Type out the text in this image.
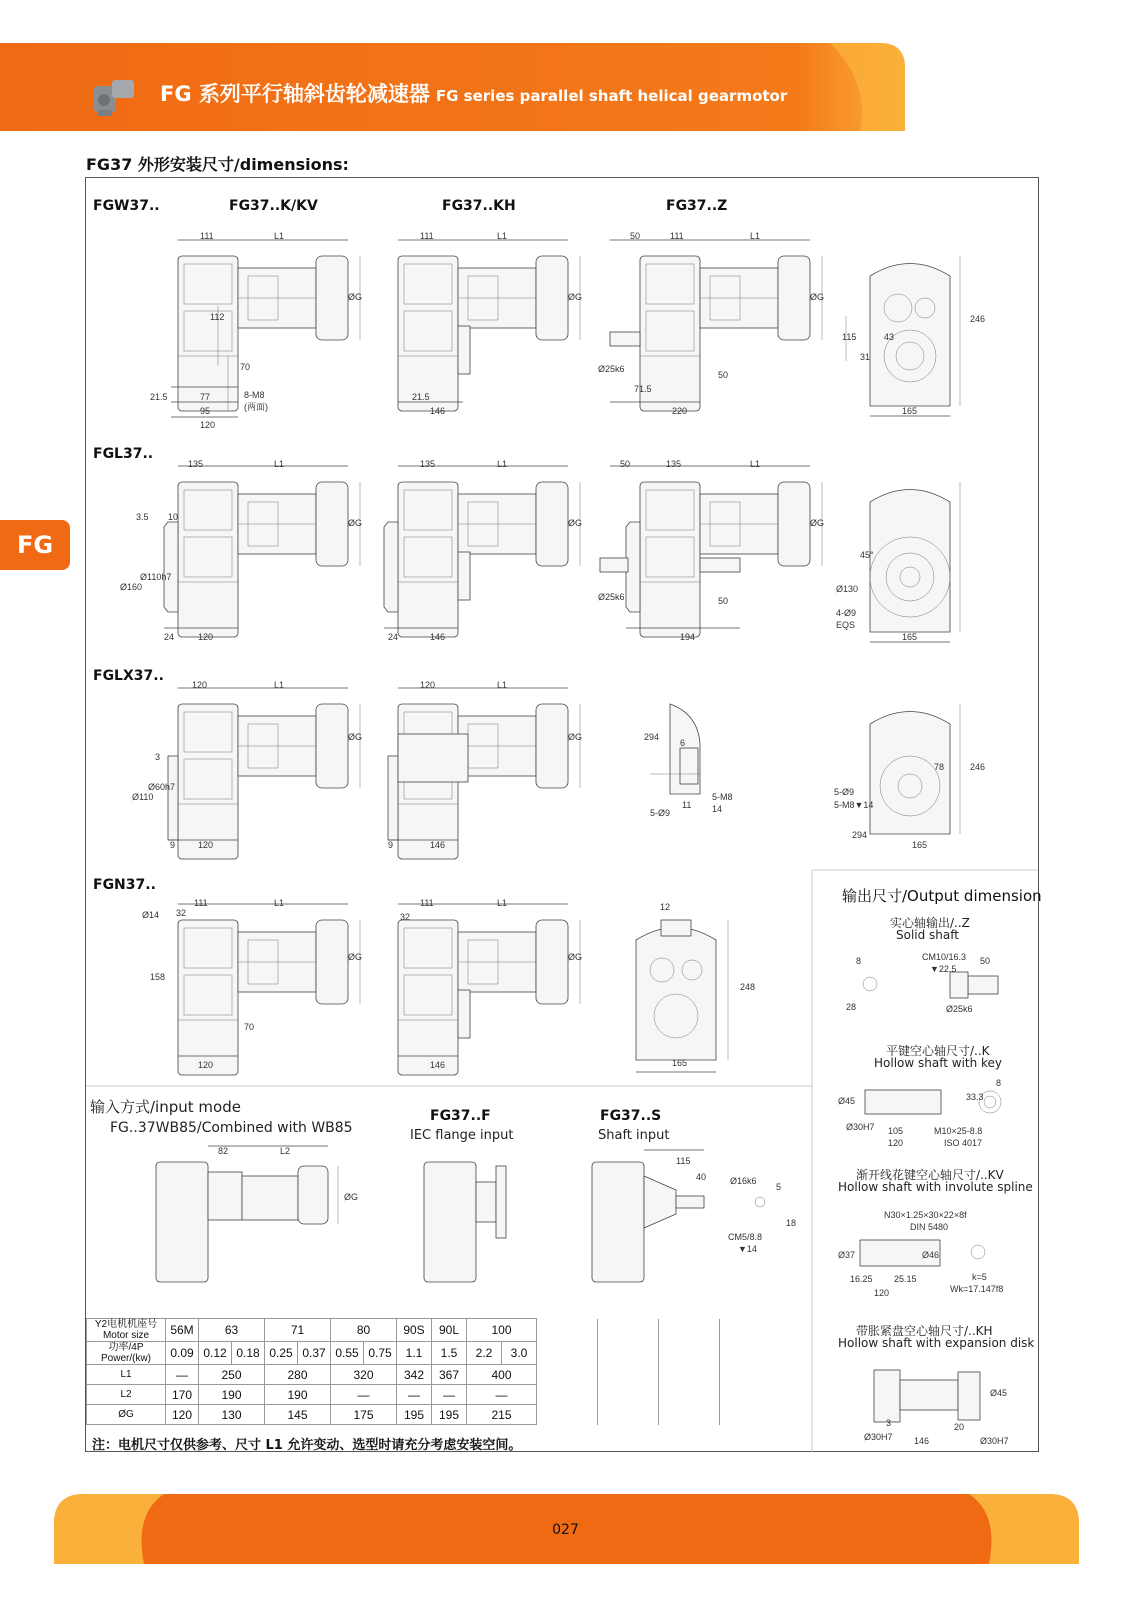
FG 系列平行轴斜齿轮减速器 FG series parallel shaft helical gearmotor
FG
FG37 外形安装尺寸/dimensions:
FGW37..	FG37..K/KV	FG37..KH	FG37..Z
FGL37..
FGLX37..
FGN37..
111	L1
ØG
112
70
21.5	77
95
120
8-M8
(两面)
111	L1
ØG
21.5
146
50	111	L1
ØG
Ø25k6
71.5
50
220
115
31
43
246
165
135	L1
ØG
3.5 10
Ø160
Ø110h7
24	120
135	L1
ØG
24	146
50	135	L1
ØG
Ø25k6	50
194
45°
Ø130
4-Ø9
EQS
165
120	L1
ØG
3
Ø110
Ø60h7
9	120
120	L1
ØG
9	146
294
6
5-Ø9
11
5-M8
14
78
5-Ø9
5-M8▼14
294
246
165
Ø14 32
111	L1
ØG
158
70
120
32
111	L1
ØG
146
12
248
165
82	L2
ØG
115
40	Ø16k6
5
18
CM5/8.8
▼14
8	CM10/16.3
▼22.5
50
28	Ø25k6
Ø45
Ø30H7 105
120
33.3
8
M10×25-8.8
ISO 4017
N30×1.25×30×22×8f
DIN 5480
Ø37	Ø46
16.25 25.15
120
k=5
Wk=17.147f8
Ø30H7
Ø45
3	20
146	Ø30H7
输入方式/input mode
FG..37WB85/Combined with WB85
FG37..F
IEC flange input
FG37..S
Shaft input
输出尺寸/Output dimension
实心轴输出/..Z
Solid shaft
平键空心轴尺寸/..K
Hollow shaft with key
渐开线花键空心轴尺寸/..KV
Hollow shaft with involute spline
带胀紧盘空心轴尺寸/..KH
Hollow shaft with expansion disk
Y2电机机座号
Motor size	56M	63		71		80		90S	90L	100					
功率/4P
Power/(kw)	0.09	0.12	0.18	0.25	0.37	0.55	0.75	1.1	1.5	2.2	3.0				
L1	—	250		280		320		342	367	400					
L2	170	190		190		—		—	—	—					
ØG	120	130		145		175		195	195	215					
注：电机尺寸仅供参考、尺寸 L1 允许变动、选型时请充分考虑安装空间。
027
